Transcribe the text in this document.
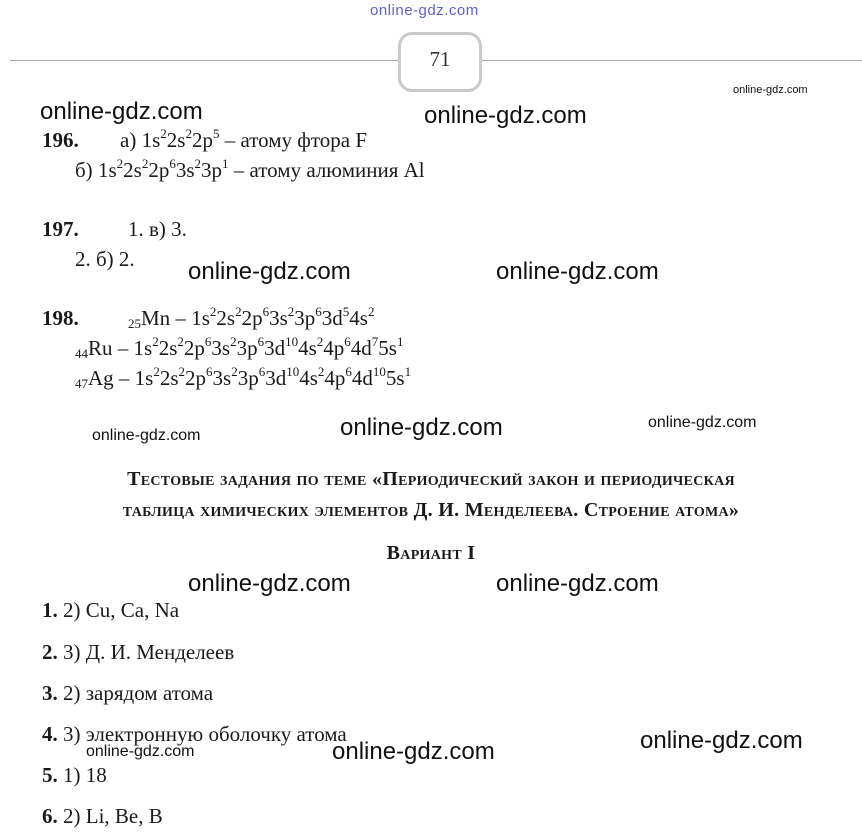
online-gdz.com
71
online-gdz.com
online-gdz.com	online-gdz.com
online-gdz.com	online-gdz.com
online-gdz.com
online-gdz.com
online-gdz.com
online-gdz.com	online-gdz.com
online-gdz.com
online-gdz.com
online-gdz.com
196. а) $1s^22s^22p^5$ – атому фтора F
б) $1s^22s^22p^63s^23p^1$ – атому алюминия Al
197. 1. в) 3.
2. б) 2.
198.	$_{25}Mn - 1s^22s^22p^63s^23p^63d^54s^2$
$_{44}Ru - 1s^22s^22p^63s^23p^63d^{10}4s^24p^64d^75s^1$
$_{47}Ag - 1s^22s^22p^63s^23p^63d^{10}4s^24p^64d^{10}5s^1$
Тестовые задания по теме «Периодический закон и периодическая
таблица химических элементов Д. И. Менделеева. Строение атома»
Вариант I
1. 2) Cu, Ca, Na
2. 3) Д. И. Менделеев
3. 2) зарядом атома
4. 3) электронную оболочку атома
5. 1) 18
6. 2) Li, Be, B
